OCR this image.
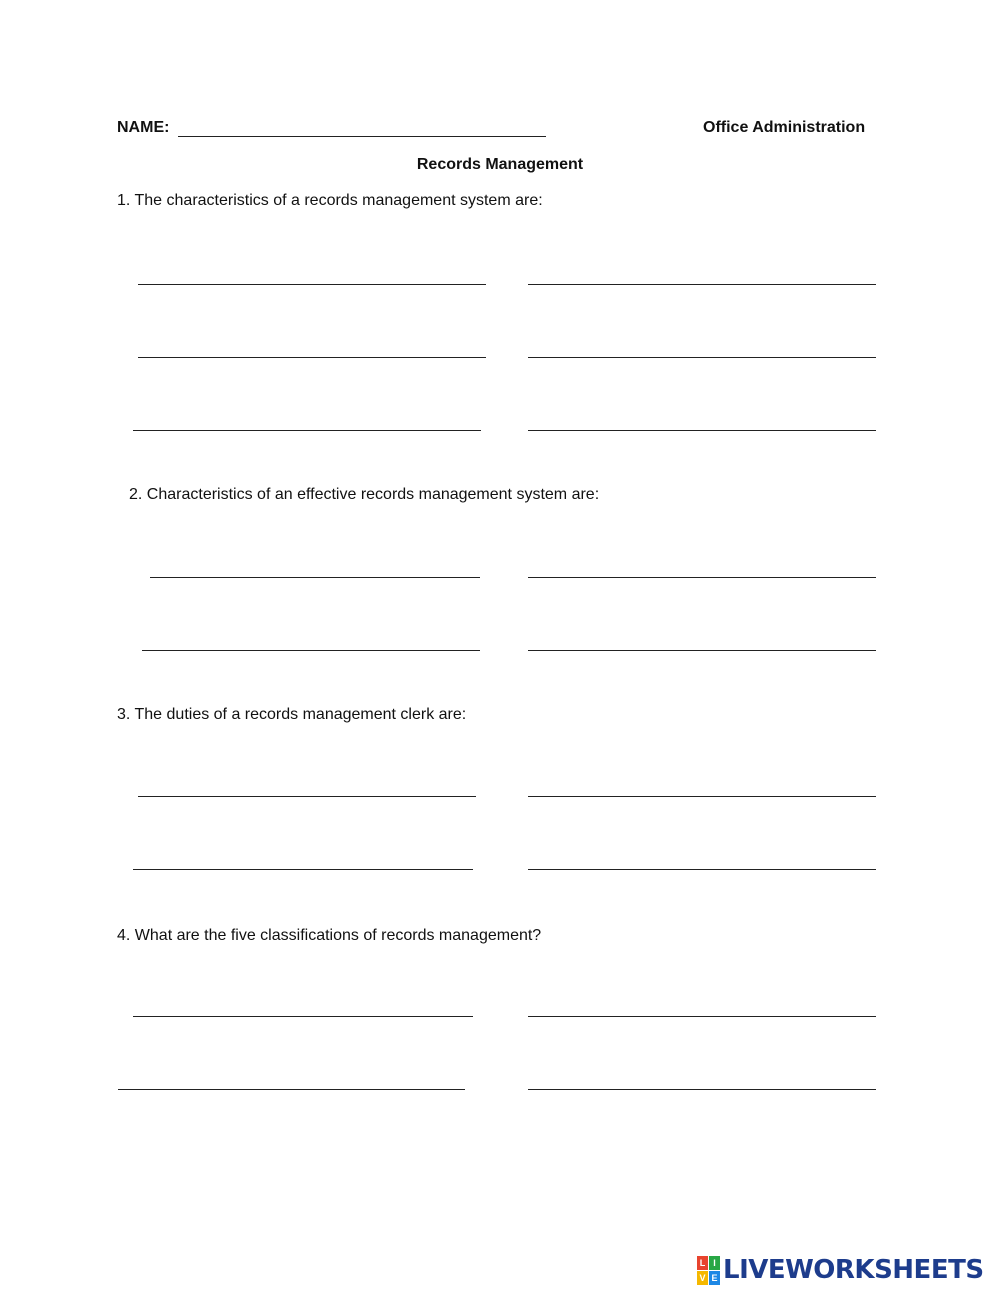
NAME:	Office Administration
Records Management
1. The characteristics of a records management system are:
2. Characteristics of an effective records management system are:
3. The duties of a records management clerk are:
4. What are the five classifications of records management?
L I
V E LIVEWORKSHEETS
